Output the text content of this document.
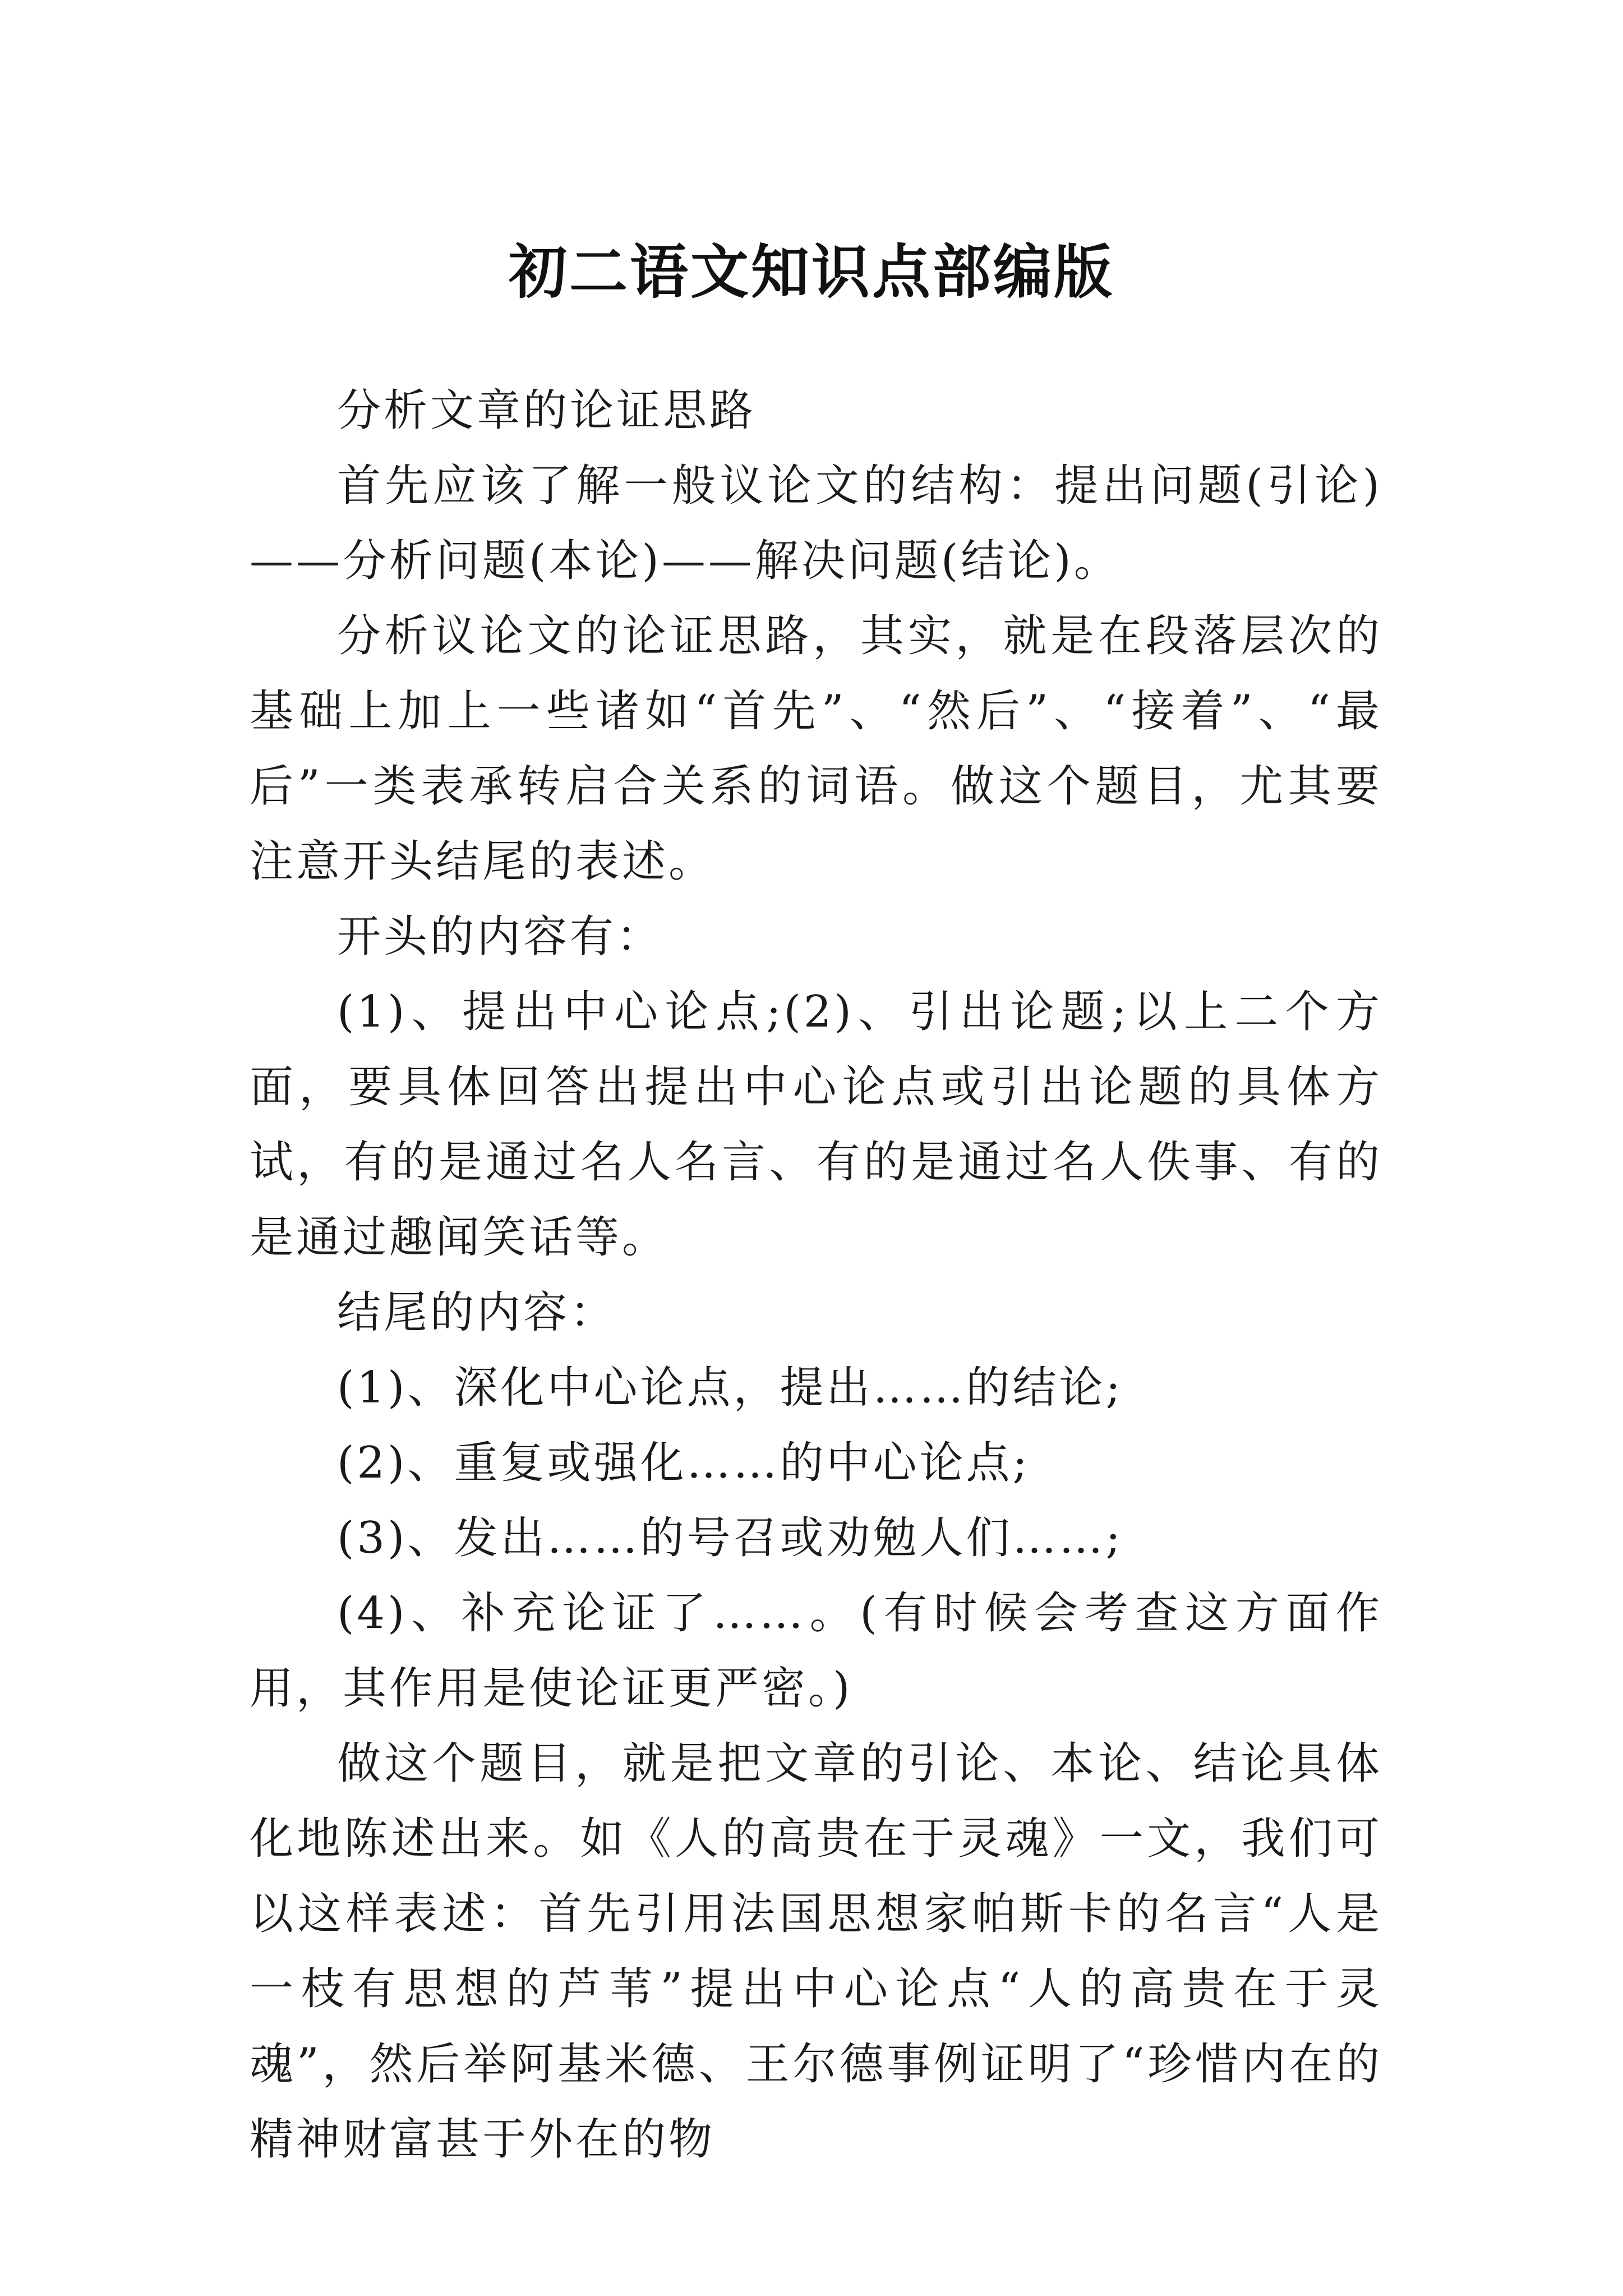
初二语文知识点部编版

分析文章的论证思路

首先应该了解一般议论文的结构：提出问题(引论)——分析问题(本论)——解决问题(结论)。

分析议论文的论证思路，其实，就是在段落层次的基础上加上一些诸如“首先”、“然后”、“接着”、“最后”一类表承转启合关系的词语。做这个题目，尤其要注意开头结尾的表述。

开头的内容有：

(1)、提出中心论点;(2)、引出论题;以上二个方面，要具体回答出提出中心论点或引出论题的具体方试，有的是通过名人名言、有的是通过名人佚事、有的是通过趣闻笑话等。

结尾的内容：

(1)、深化中心论点，提出……的结论;

(2)、重复或强化……的中心论点;

(3)、发出……的号召或劝勉人们……;

(4)、补充论证了……。(有时候会考查这方面作用，其作用是使论证更严密。)

做这个题目，就是把文章的引论、本论、结论具体化地陈述出来。如《人的高贵在于灵魂》一文，我们可以这样表述：首先引用法国思想家帕斯卡的名言“人是一枝有思想的芦苇”提出中心论点“人的高贵在于灵魂”，然后举阿基米德、王尔德事例证明了“珍惜内在的精神财富甚于外在的物
